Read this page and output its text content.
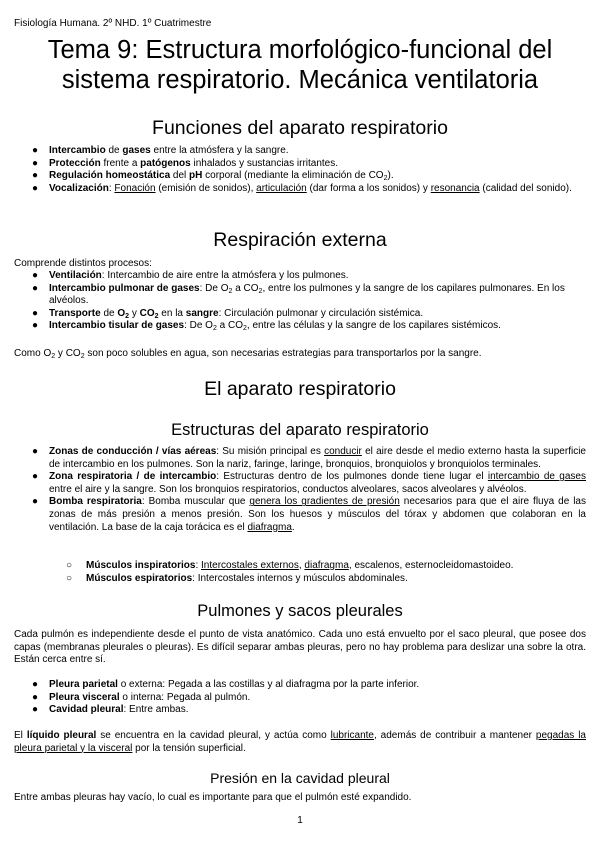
Fisiología Humana. 2º NHD. 1º Cuatrimestre
Tema 9: Estructura morfológico-funcional del sistema respiratorio. Mecánica ventilatoria
Funciones del aparato respiratorio
● Intercambio de gases entre la atmósfera y la sangre.
● Protección frente a patógenos inhalados y sustancias irritantes.
● Regulación homeostática del pH corporal (mediante la eliminación de $CO_2$).
● Vocalización: Fonación (emisión de sonidos), articulación (dar forma a los sonidos) y resonancia (calidad del sonido).
Respiración externa
Comprende distintos procesos:
● Ventilación: Intercambio de aire entre la atmósfera y los pulmones.
● Intercambio pulmonar de gases: De $O_2$ a $CO_2$, entre los pulmones y la sangre de los capilares pulmonares. En los alvéolos.
● Transporte de $O_2$ y $CO_2$ en la sangre: Circulación pulmonar y circulación sistémica.
● Intercambio tisular de gases: De $O_2$ a $CO_2$, entre las células y la sangre de los capilares sistémicos.
Como $O_2$ y $CO_2$ son poco solubles en agua, son necesarias estrategias para transportarlos por la sangre.
El aparato respiratorio
Estructuras del aparato respiratorio
● Zonas de conducción / vías aéreas: Su misión principal es conducir el aire desde el medio externo hasta la superficie de intercambio en los pulmones. Son la nariz, faringe, laringe, bronquios, bronquiolos y bronquiolos terminales.
● Zona respiratoria / de intercambio: Estructuras dentro de los pulmones donde tiene lugar el intercambio de gases entre el aire y la sangre. Son los bronquios respiratorios, conductos alveolares, sacos alveolares y alvéolos.
● Bomba respiratoria: Bomba muscular que genera los gradientes de presión necesarios para que el aire fluya de las zonas de más presión a menos presión. Son los huesos y músculos del tórax y abdomen que colaboran en la ventilación. La base de la caja torácica es el diafragma.
○ Músculos inspiratorios: Intercostales externos, diafragma, escalenos, esternocleidomastoideo.
○ Músculos espiratorios: Intercostales internos y músculos abdominales.
Pulmones y sacos pleurales
Cada pulmón es independiente desde el punto de vista anatómico. Cada uno está envuelto por el saco pleural, que posee dos capas (membranas pleurales o pleuras). Es difícil separar ambas pleuras, pero no hay problema para deslizar una sobre la otra. Están cerca entre sí.
● Pleura parietal o externa: Pegada a las costillas y al diafragma por la parte inferior.
● Pleura visceral o interna: Pegada al pulmón.
● Cavidad pleural: Entre ambas.
El líquido pleural se encuentra en la cavidad pleural, y actúa como lubricante, además de contribuir a mantener pegadas la pleura parietal y la visceral por la tensión superficial.
Presión en la cavidad pleural
Entre ambas pleuras hay vacío, lo cual es importante para que el pulmón esté expandido.
1
